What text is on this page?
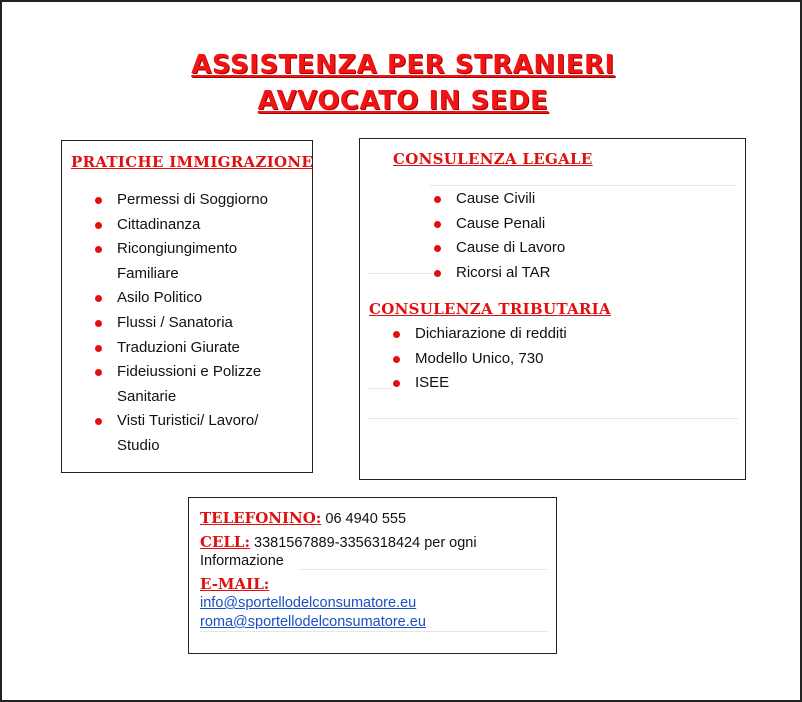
ASSISTENZA PER STRANIERI
AVVOCATO IN SEDE
PRATICHE IMMIGRAZIONE
Permessi di Soggiorno
Cittadinanza
Ricongiungimento Familiare
Asilo Politico
Flussi / Sanatoria
Traduzioni Giurate
Fideiussioni e Polizze Sanitarie
Visti Turistici/ Lavoro/ Studio
CONSULENZA LEGALE
Cause Civili
Cause Penali
Cause di Lavoro
Ricorsi al TAR
CONSULENZA TRIBUTARIA
Dichiarazione di redditi
Modello Unico, 730
ISEE
TELEFONINO: 06 4940 555
CELL: 3381567889-3356318424 per ogni
Informazione
E-MAIL:
info@sportellodelconsumatore.eu
roma@sportellodelconsumatore.eu
